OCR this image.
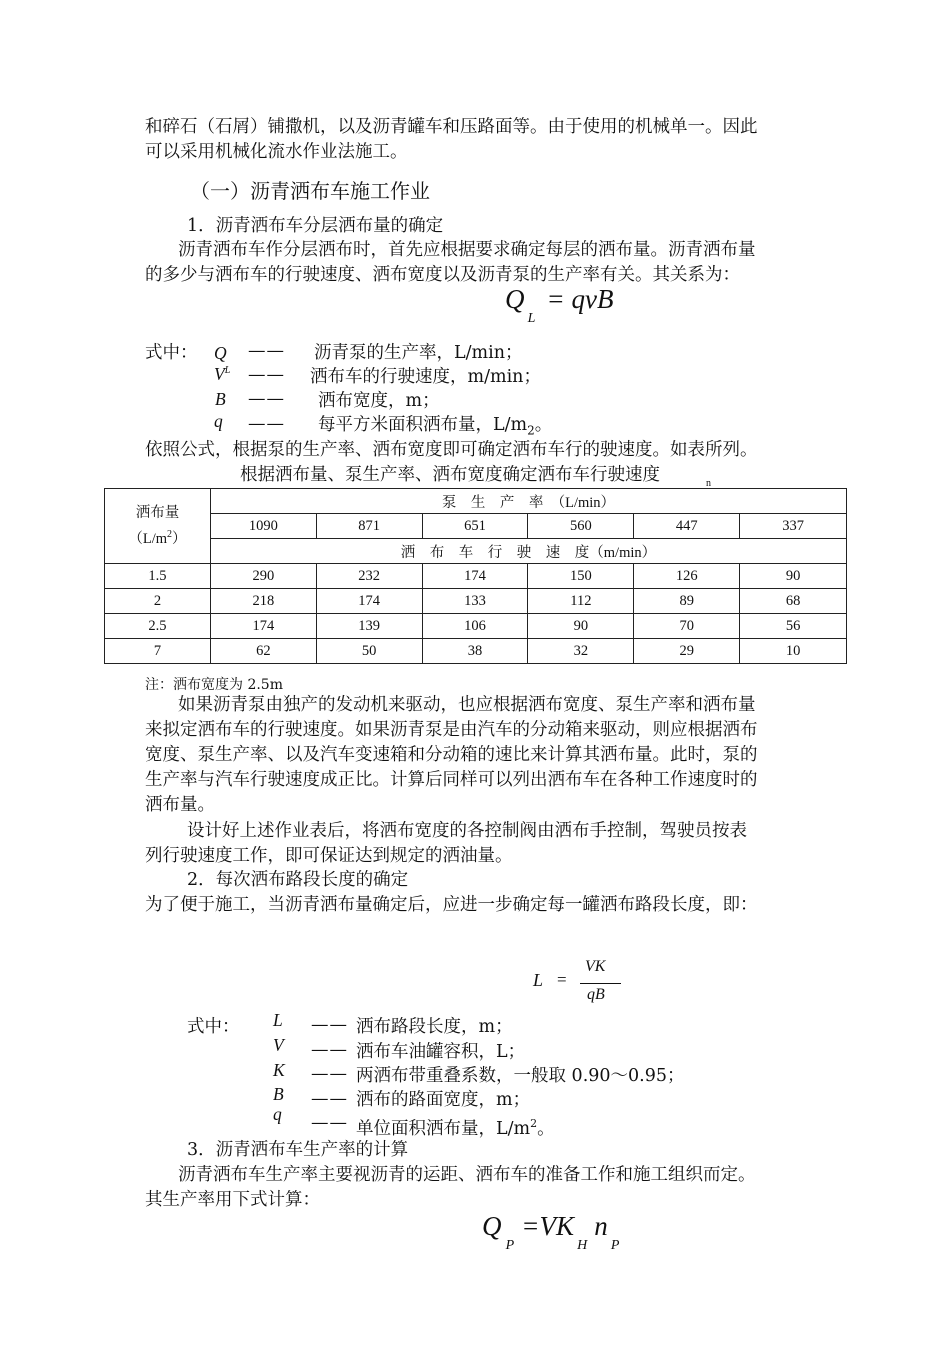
和碎石（石屑）铺撒机，以及沥青罐车和压路面等。由于使用的机械单一。因此
可以采用机械化流水作业法施工。
（一）沥青洒布车施工作业
1．沥青洒布车分层洒布量的确定
沥青洒布车作分层洒布时，首先应根据要求确定每层的洒布量。沥青洒布量
的多少与洒布车的行驶速度、洒布宽度以及沥青泵的生产率有关。其关系为：
Q L = qvB
式中： Q —— 沥青泵的生产率，L/min；
$V^L$ —— 洒布车的行驶速度，m/min；
B —— 洒布宽度，m；
q —— 每平方米面积洒布量，$L/m_2$。
依照公式，根据泵的生产率、洒布宽度即可确定洒布车行的驶速度。如表所列。
根据洒布量、泵生产率、洒布宽度确定洒布车行驶速度	n
洒布量
$(L/m^2)$	泵　生　产　率　（L/min）					
	1090	871	651	560	447	337
	洒　布　车　行　驶　速　度（m/min）					
1.5	290	232	174	150	126	90
2	218	174	133	112	89	68
2.5	174	139	106	90	70	56
7	62	50	38	32	29	10
注：洒布宽度为 2.5m
如果沥青泵由独产的发动机来驱动，也应根据洒布宽度、泵生产率和洒布量
来拟定洒布车的行驶速度。如果沥青泵是由汽车的分动箱来驱动，则应根据洒布
宽度、泵生产率、以及汽车变速箱和分动箱的速比来计算其洒布量。此时，泵的
生产率与汽车行驶速度成正比。计算后同样可以列出洒布车在各种工作速度时的
洒布量。
设计好上述作业表后，将洒布宽度的各控制阀由洒布手控制，驾驶员按表
列行驶速度工作，即可保证达到规定的洒油量。
2．每次洒布路段长度的确定
为了便于施工，当沥青洒布量确定后，应进一步确定每一罐洒布路段长度，即：
L =
VK
qB
式中： L —— 洒布路段长度，m；
V —— 洒布车油罐容积，L；
K —— 两洒布带重叠系数，一般取 0.90～0.95；
B —— 洒布的路面宽度，m；
q —— 单位面积洒布量，$L/m^2$。
3．沥青洒布车生产率的计算
沥青洒布车生产率主要视沥青的运距、洒布车的准备工作和施工组织而定。
其生产率用下式计算：
Q P =VK H n P
